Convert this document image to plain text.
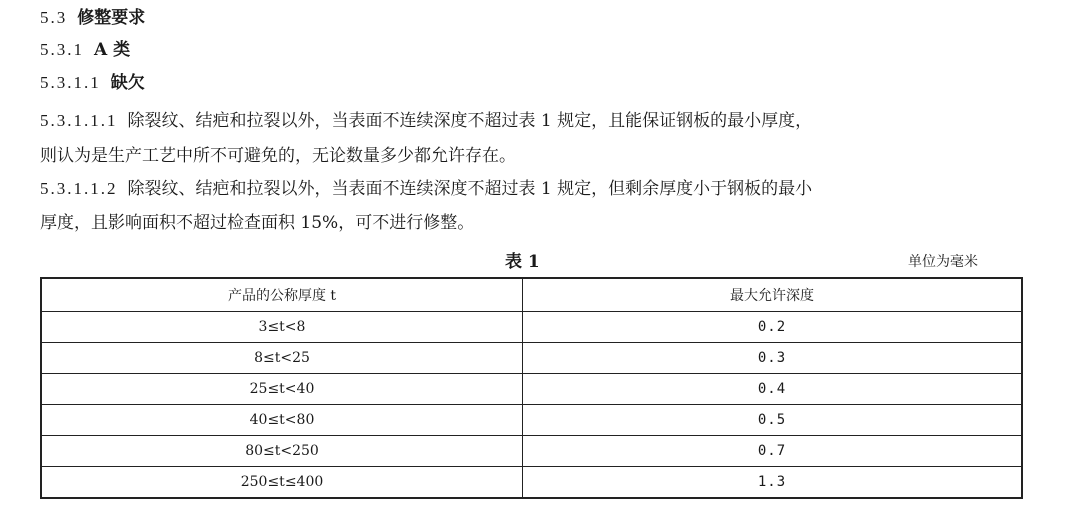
5.3 修整要求
5.3.1 A 类
5.3.1.1 缺欠
5.3.1.1.1 除裂纹、结疤和拉裂以外，当表面不连续深度不超过表 1 规定，且能保证钢板的最小厚度，
则认为是生产工艺中所不可避免的，无论数量多少都允许存在。
5.3.1.1.2 除裂纹、结疤和拉裂以外，当表面不连续深度不超过表 1 规定，但剩余厚度小于钢板的最小
厚度，且影响面积不超过检查面积 15%，可不进行修整。
表 1	单位为毫米
产品的公称厚度 t	最大允许深度
3≤t<8	0.2
8≤t<25	0.3
25≤t<40	0.4
40≤t<80	0.5
80≤t<250	0.7
250≤t≤400	1.3
